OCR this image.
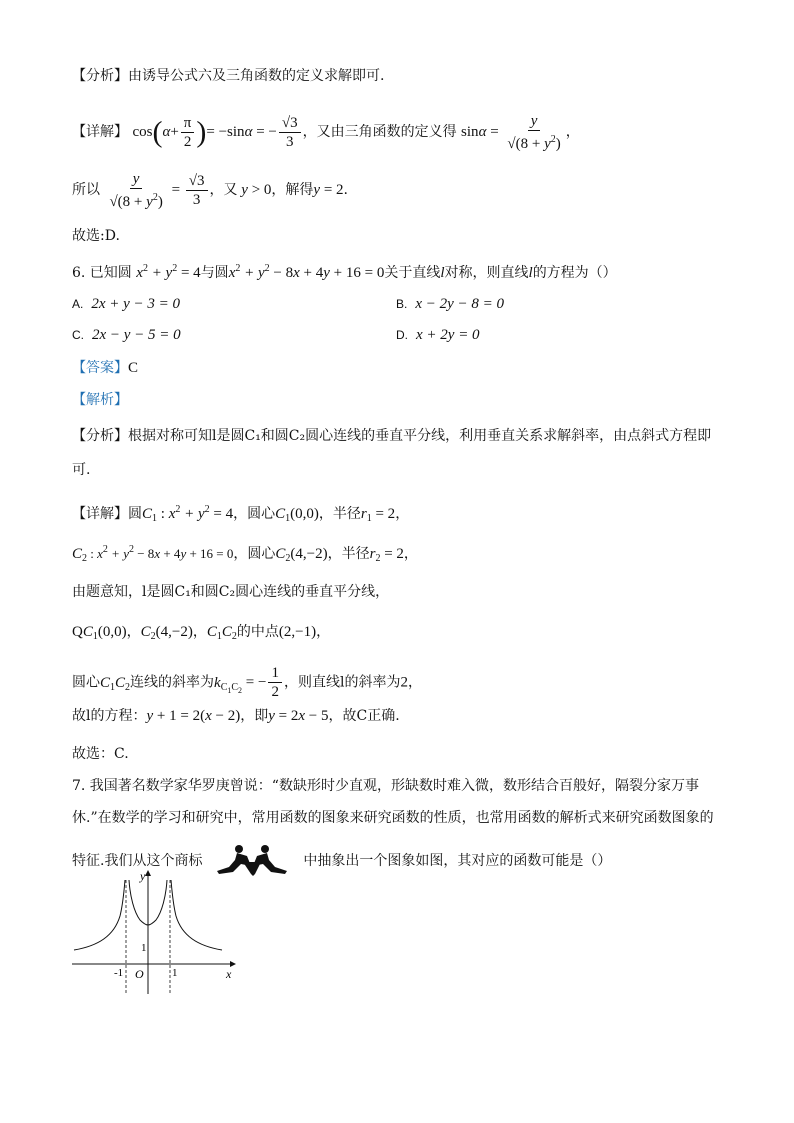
【分析】由诱导公式六及三角函数的定义求解即可.
【详解】 $\cos(\alpha+ \frac{\pi}{2}$ )= −sinα = − $\frac{√3}{3}$ ，又由三角函数的定义得 $\sin\alpha = \frac{y}{√(8 + y^2)}$ ，
所以 $\frac{y}{√(8 + y^2)} = \frac{√3}{3}$ ，又 y > 0，解得y = 2.
故选:D.
6. 已知圆 $x^2 + y^2 = 4$与圆$x^2 + y^2 - 8x + 4y + 16 = 0$关于直线l对称，则直线l的方程为（）
A. 2x + y − 3 = 0	B. x − 2y − 8 = 0
C. 2x − y − 5 = 0	D. x + 2y = 0
【答案】C
【解析】
【分析】根据对称可知l是圆C₁和圆C₂圆心连线的垂直平分线，利用垂直关系求解斜率，由点斜式方程即
可.
【详解】圆$C_1$ : $x^2 + y^2 = 4$，圆心$C_1(0,0)$，半径$r_1 = 2$，
$C_2$ : $x^2 + y^2 - 8x + 4y + 16 = 0$，圆心$C_2(4,-2)$，半径$r_2 = 2$，
由题意知，l是圆C₁和圆C₂圆心连线的垂直平分线，
$QC_1(0,0)$，$C_2(4,-2)$，$C_1C_2$的中点(2,−1)，
圆心$C_1C_2$连线的斜率为$k_{C_1C_2}$ = − $\frac{1}{2}$ ，则直线l的斜率为2，
故l的方程：y + 1 = 2(x − 2)，即y = 2x − 5，故C正确.
故选：C.
7. 我国著名数学家华罗庚曾说：“数缺形时少直观，形缺数时难入微，数形结合百般好，隔裂分家万事
休.”在数学的学习和研究中，常用函数的图象来研究函数的性质，也常用函数的解析式来研究函数图象的
特征.我们从这个商标	中抽象出一个图象如图，其对应的函数可能是（）
y
x
O
-1	1
1
